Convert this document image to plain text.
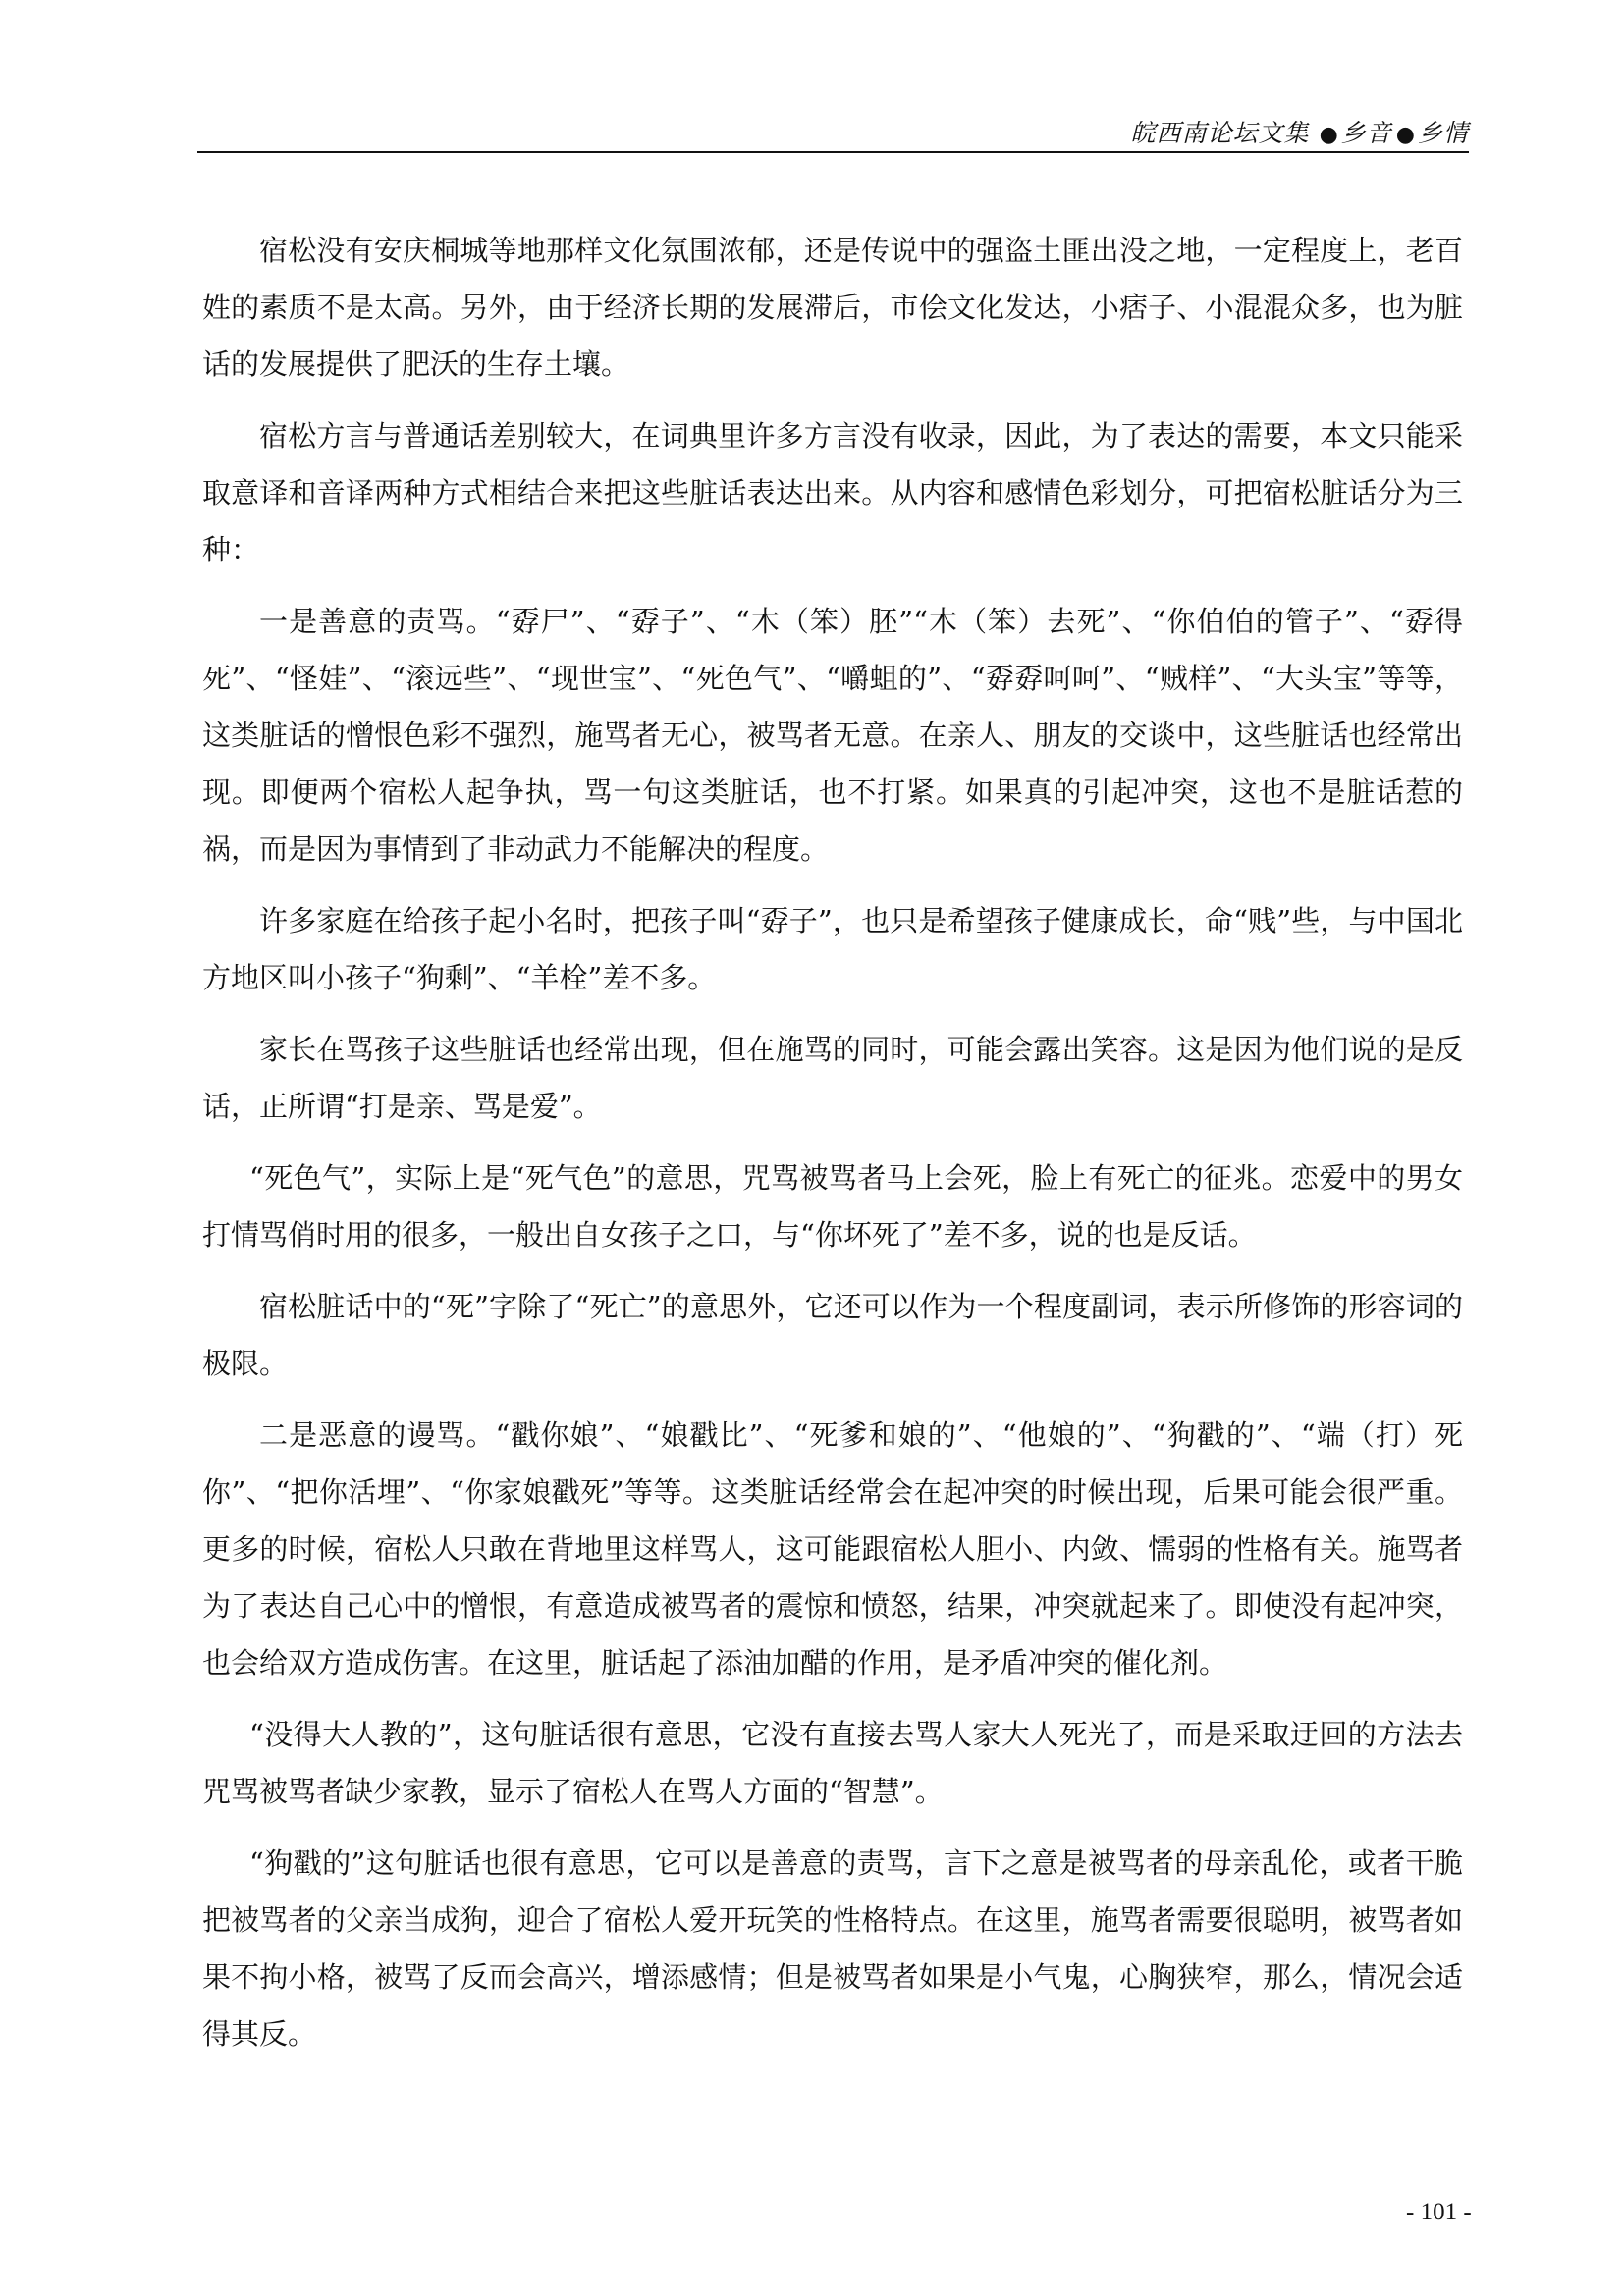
皖西南论坛文集 ●乡音 ●乡情

宿松没有安庆桐城等地那样文化氛围浓郁，还是传说中的强盗土匪出没之地，一定程度上，老百姓的素质不是太高。另外，由于经济长期的发展滞后，市侩文化发达，小痞子、小混混众多，也为脏话的发展提供了肥沃的生存土壤。

宿松方言与普通话差别较大，在词典里许多方言没有收录，因此，为了表达的需要，本文只能采取意译和音译两种方式相结合来把这些脏话表达出来。从内容和感情色彩划分，可把宿松脏话分为三种：

一是善意的责骂。“孬尸”、“孬子”、“木（笨）胚”“木（笨）去死”、“你伯伯的管子”、“孬得死”、“怪娃”、“滚远些”、“现世宝”、“死色气”、“嚼蛆的”、“孬孬呵呵”、“贼样”、“大头宝”等等，这类脏话的憎恨色彩不强烈，施骂者无心，被骂者无意。在亲人、朋友的交谈中，这些脏话也经常出现。即便两个宿松人起争执，骂一句这类脏话，也不打紧。如果真的引起冲突，这也不是脏话惹的祸，而是因为事情到了非动武力不能解决的程度。

许多家庭在给孩子起小名时，把孩子叫“孬子”，也只是希望孩子健康成长，命“贱”些，与中国北方地区叫小孩子“狗剩”、“羊栓”差不多。

家长在骂孩子这些脏话也经常出现，但在施骂的同时，可能会露出笑容。这是因为他们说的是反话，正所谓“打是亲、骂是爱”。

“死色气”，实际上是“死气色”的意思，咒骂被骂者马上会死，脸上有死亡的征兆。恋爱中的男女打情骂俏时用的很多，一般出自女孩子之口，与“你坏死了”差不多，说的也是反话。

宿松脏话中的“死”字除了“死亡”的意思外，它还可以作为一个程度副词，表示所修饰的形容词的极限。

二是恶意的谩骂。“戳你娘”、“娘戳比”、“死爹和娘的”、“他娘的”、“狗戳的”、“端（打）死你”、“把你活埋”、“你家娘戳死”等等。这类脏话经常会在起冲突的时候出现，后果可能会很严重。更多的时候，宿松人只敢在背地里这样骂人，这可能跟宿松人胆小、内敛、懦弱的性格有关。施骂者为了表达自己心中的憎恨，有意造成被骂者的震惊和愤怒，结果，冲突就起来了。即使没有起冲突，也会给双方造成伤害。在这里，脏话起了添油加醋的作用，是矛盾冲突的催化剂。

“没得大人教的”，这句脏话很有意思，它没有直接去骂人家大人死光了，而是采取迂回的方法去咒骂被骂者缺少家教，显示了宿松人在骂人方面的“智慧”。

“狗戳的”这句脏话也很有意思，它可以是善意的责骂，言下之意是被骂者的母亲乱伦，或者干脆把被骂者的父亲当成狗，迎合了宿松人爱开玩笑的性格特点。在这里，施骂者需要很聪明，被骂者如果不拘小格，被骂了反而会高兴，增添感情；但是被骂者如果是小气鬼，心胸狭窄，那么，情况会适得其反。

- 101 -
